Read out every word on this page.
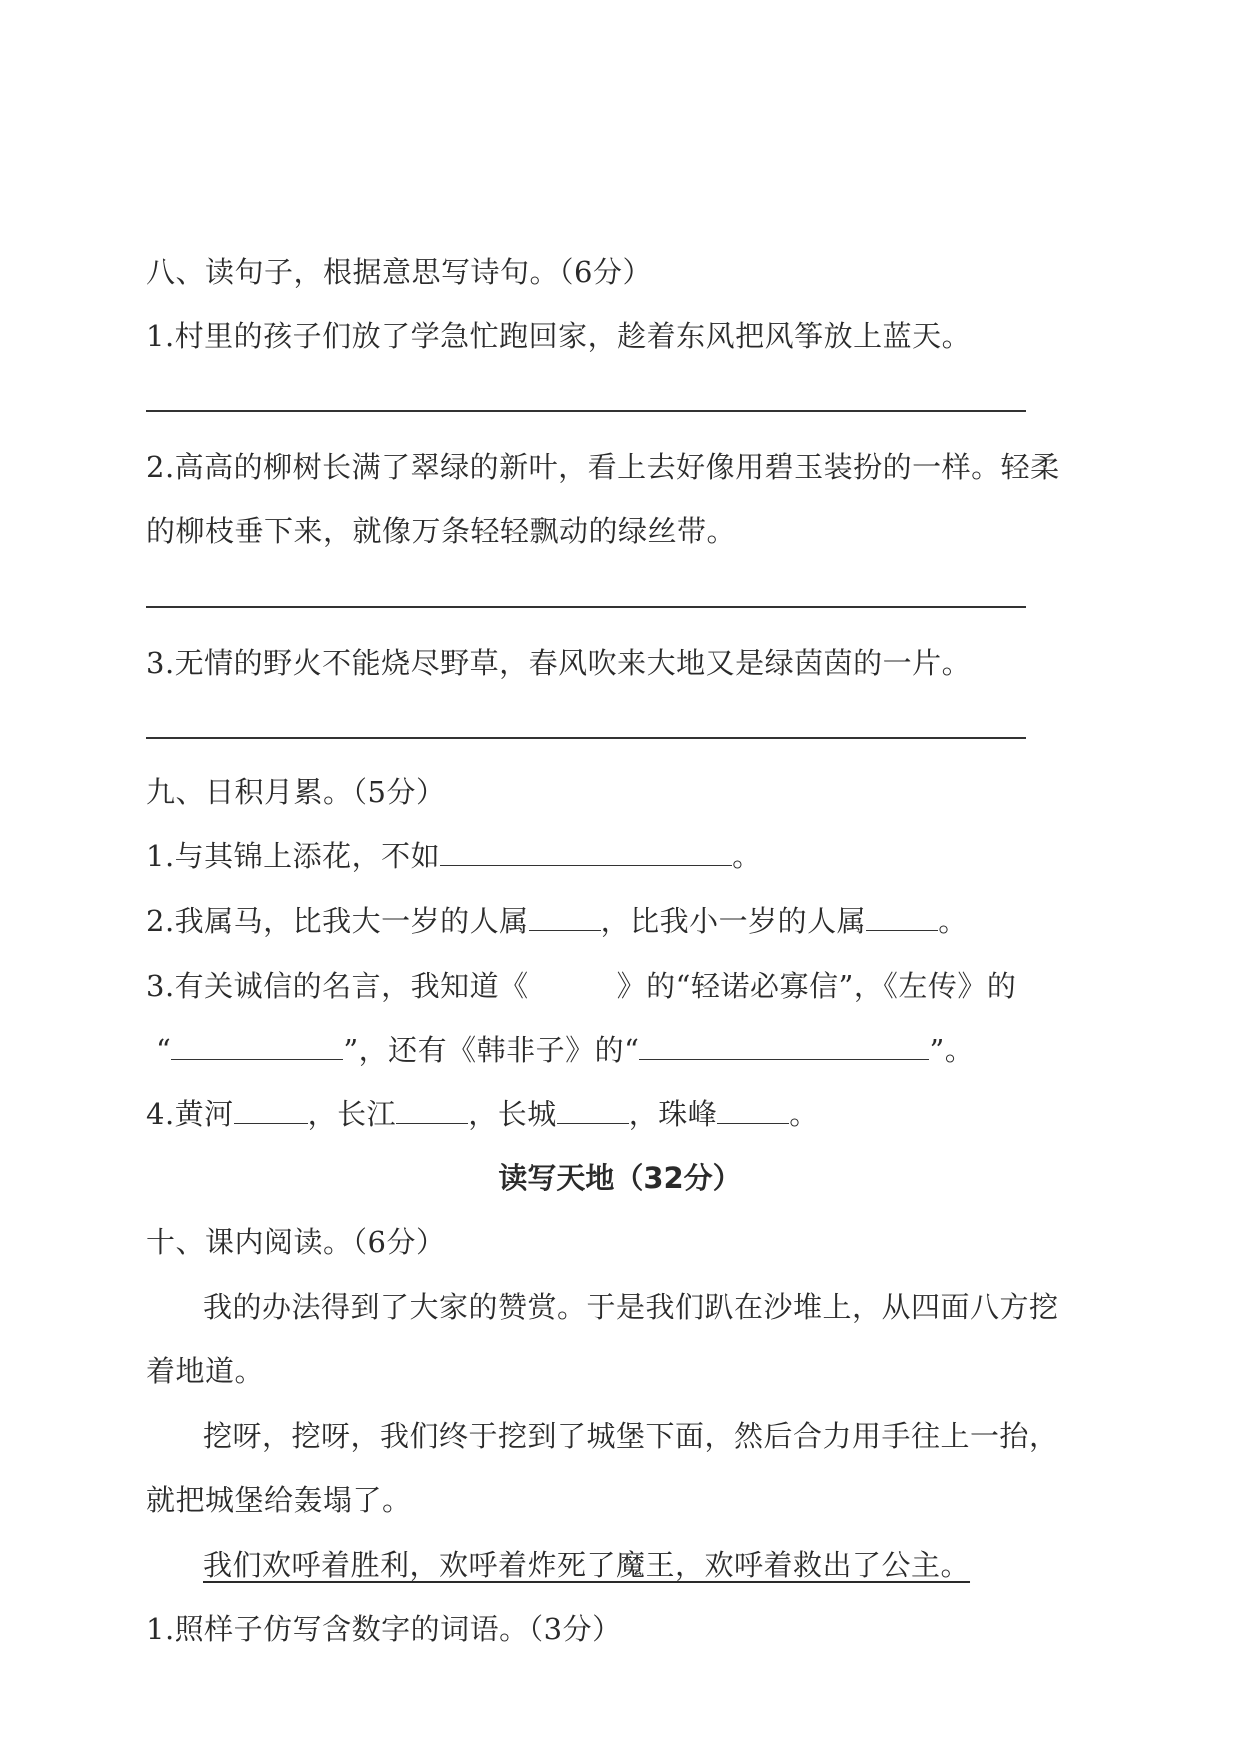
八、读句子，根据意思写诗句。（6分）
1.村里的孩子们放了学急忙跑回家，趁着东风把风筝放上蓝天。
2.高高的柳树长满了翠绿的新叶，看上去好像用碧玉装扮的一样。轻柔
的柳枝垂下来，就像万条轻轻飘动的绿丝带。
3.无情的野火不能烧尽野草，春风吹来大地又是绿茵茵的一片。
九、日积月累。（5分）
1.与其锦上添花，不如	。
2.我属马，比我大一岁的人属 ，比我小一岁的人属 。
3.有关诚信的名言，我知道《	》的“轻诺必寡信”，《左传》的
“	”，还有《韩非子》的“	”。
4.黄河	，长江 ，长城 ，珠峰 。
读写天地（32分）
十、课内阅读。（6分）
我的办法得到了大家的赞赏。于是我们趴在沙堆上，从四面八方挖
着地道。
挖呀，挖呀，我们终于挖到了城堡下面，然后合力用手往上一抬，
就把城堡给轰塌了。
我们欢呼着胜利，欢呼着炸死了魔王，欢呼着救出了公主。
1.照样子仿写含数字的词语。（3分）
